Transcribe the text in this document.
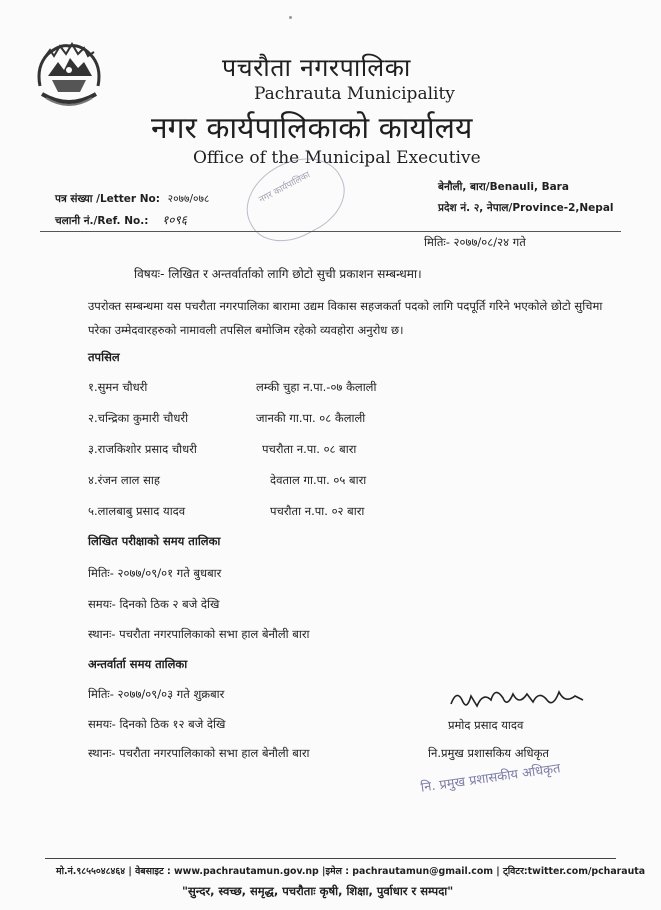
पचरौता नगरपालिका
Pachrauta Municipality
नगर कार्यपालिकाको कार्यालय
Office of the Municipal Executive
नगर कार्यपालिका
पत्र संख्या /Letter No: २०७७/०७८
चलानी नं./Ref. No.: १०९६
बेनौली, बारा/Benauli, Bara
प्रदेश नं. २, नेपाल/Province-2,Nepal
मितिः- २०७७/०८/२४ गते
विषयः- लिखित र अन्तर्वार्ताको लागि छोटो सुची प्रकाशन सम्बन्धमा।
उपरोक्त सम्बन्धमा यस पचरौता नगरपालिका बारामा उद्यम विकास सहजकर्ता पदको लागि पदपूर्ति गरिने भएकोले छोटो सुचिमा परेका उम्मेदवारहरुको नामावली तपसिल बमोजिम रहेको व्यवहोरा अनुरोध छ।
तपसिल
१.सुमन चौधरी	लम्की चुहा न.पा.-०७ कैलाली
२.चन्द्रिका कुमारी चौधरी	जानकी गा.पा. ०८ कैलाली
३.राजकिशोर प्रसाद चौधरी	पचरौता न.पा. ०८ बारा
४.रंजन लाल साह	देवताल गा.पा. ०५ बारा
५.लालबाबु प्रसाद यादव	पचरौता न.पा. ०२ बारा
लिखित परीक्षाको समय तालिका
मितिः- २०७७/०९/०१ गते बुधबार
समयः- दिनको ठिक २ बजे देखि
स्थानः- पचरौता नगरपालिकाको सभा हाल बेनौली बारा
अन्तर्वार्ता समय तालिका
मितिः- २०७७/०९/०३ गते शुक्रबार
समयः- दिनको ठिक १२ बजे देखि
स्थानः- पचरौता नगरपालिकाको सभा हाल बेनौली बारा
प्रमोद प्रसाद यादव
नि.प्रमुख प्रशासकिय अधिकृत
नि. प्रमुख प्रशासकीय अधिकृत
मो.नं.९८५५०४८४६४ | वेबसाइट : www.pachrautamun.gov.np |इमेल : pachrautamun@gmail.com | ट्विटर:twitter.com/pcharauta
"सुन्दर, स्वच्छ, समृद्ध, पचरौताः कृषी, शिक्षा, पुर्वाधार र सम्पदा"
